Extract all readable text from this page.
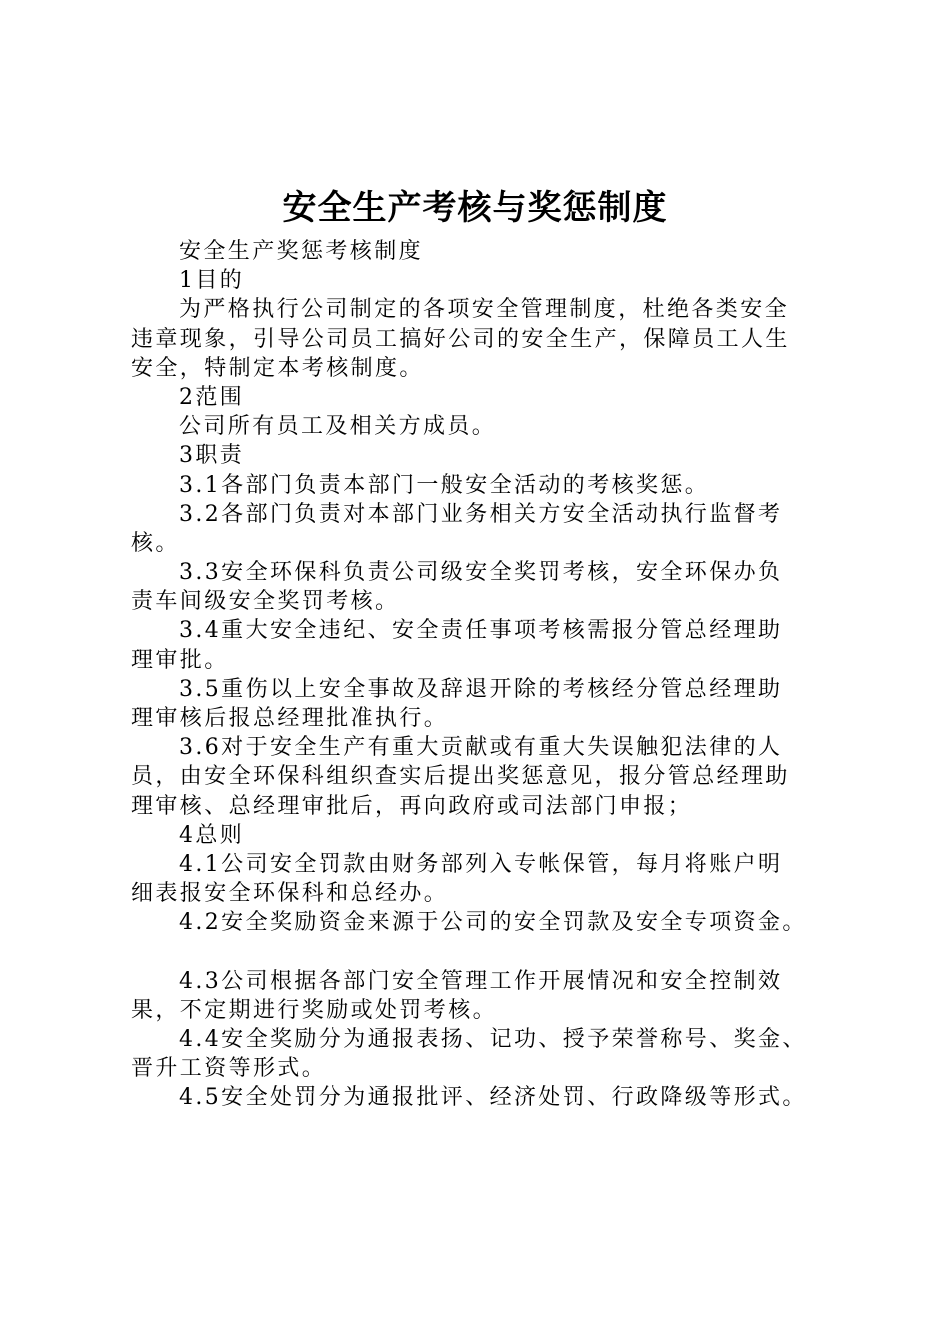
安全生产考核与奖惩制度
安全生产奖惩考核制度
1目的
为严格执行公司制定的各项安全管理制度，杜绝各类安全
违章现象，引导公司员工搞好公司的安全生产，保障员工人生
安全，特制定本考核制度。
2范围
公司所有员工及相关方成员。
3职责
3.1各部门负责本部门一般安全活动的考核奖惩。
3.2各部门负责对本部门业务相关方安全活动执行监督考
核。
3.3安全环保科负责公司级安全奖罚考核，安全环保办负
责车间级安全奖罚考核。
3.4重大安全违纪、安全责任事项考核需报分管总经理助
理审批。
3.5重伤以上安全事故及辞退开除的考核经分管总经理助
理审核后报总经理批准执行。
3.6对于安全生产有重大贡献或有重大失误触犯法律的人
员，由安全环保科组织查实后提出奖惩意见，报分管总经理助
理审核、总经理审批后，再向政府或司法部门申报；
4总则
4.1公司安全罚款由财务部列入专帐保管，每月将账户明
细表报安全环保科和总经办。
4.2安全奖励资金来源于公司的安全罚款及安全专项资金。
4.3公司根据各部门安全管理工作开展情况和安全控制效
果，不定期进行奖励或处罚考核。
4.4安全奖励分为通报表扬、记功、授予荣誉称号、奖金、
晋升工资等形式。
4.5安全处罚分为通报批评、经济处罚、行政降级等形式。
